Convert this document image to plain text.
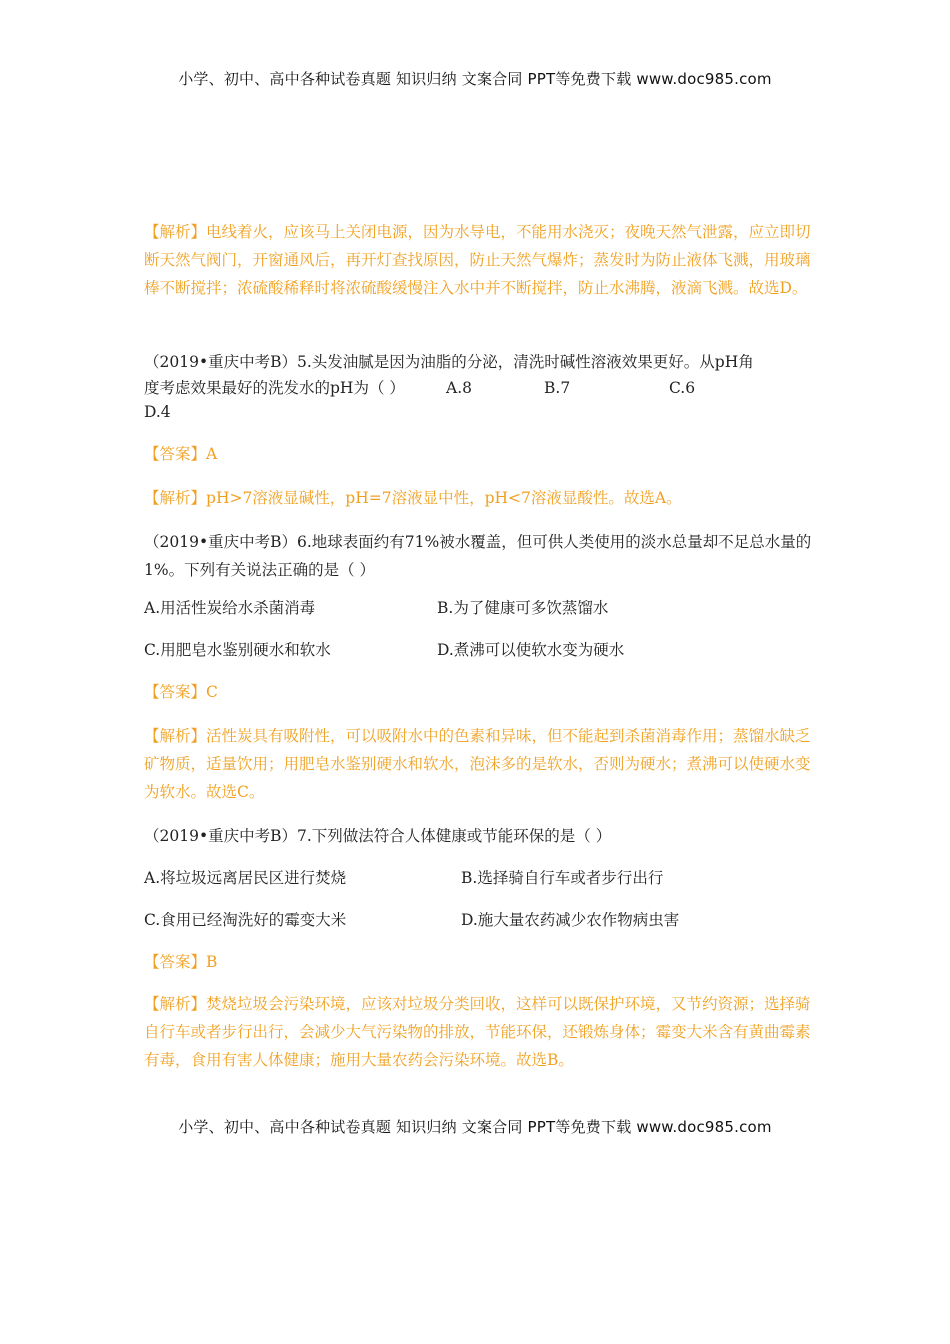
小学、初中、高中各种试卷真题 知识归纳 文案合同 PPT等免费下载 www.doc985.com

【解析】电线着火，应该马上关闭电源，因为水导电，不能用水浇灭；夜晚天然气泄露，应立即切断天然气阀门，开窗通风后，再开灯查找原因，防止天然气爆炸；蒸发时为防止液体飞溅，用玻璃棒不断搅拌；浓硫酸稀释时将浓硫酸缓慢注入水中并不断搅拌，防止水沸腾，液滴飞溅。故选D。

（2019•重庆中考B）5.头发油腻是因为油脂的分泌，清洗时碱性溶液效果更好。从pH角

度考虑效果最好的洗发水的pH为（ ）	A.8	B.7	C.6
D.4

【答案】A

【解析】pH>7溶液显碱性，pH=7溶液显中性，pH<7溶液显酸性。故选A。

（2019•重庆中考B）6.地球表面约有71%被水覆盖，但可供人类使用的淡水总量却不足总水量的1%。下列有关说法正确的是（ ）

A.用活性炭给水杀菌消毒	B.为了健康可多饮蒸馏水
C.用肥皂水鉴别硬水和软水	D.煮沸可以使软水变为硬水

【答案】C

【解析】活性炭具有吸附性，可以吸附水中的色素和异味，但不能起到杀菌消毒作用；蒸馏水缺乏矿物质，适量饮用；用肥皂水鉴别硬水和软水，泡沫多的是软水，否则为硬水；煮沸可以使硬水变为软水。故选C。

（2019•重庆中考B）7.下列做法符合人体健康或节能环保的是（ ）

A.将垃圾远离居民区进行焚烧	B.选择骑自行车或者步行出行
C.食用已经淘洗好的霉变大米	D.施大量农药减少农作物病虫害

【答案】B

【解析】焚烧垃圾会污染环境，应该对垃圾分类回收，这样可以既保护环境，又节约资源；选择骑自行车或者步行出行，会减少大气污染物的排放，节能环保，还锻炼身体；霉变大米含有黄曲霉素有毒，食用有害人体健康；施用大量农药会污染环境。故选B。

小学、初中、高中各种试卷真题 知识归纳 文案合同 PPT等免费下载 www.doc985.com
